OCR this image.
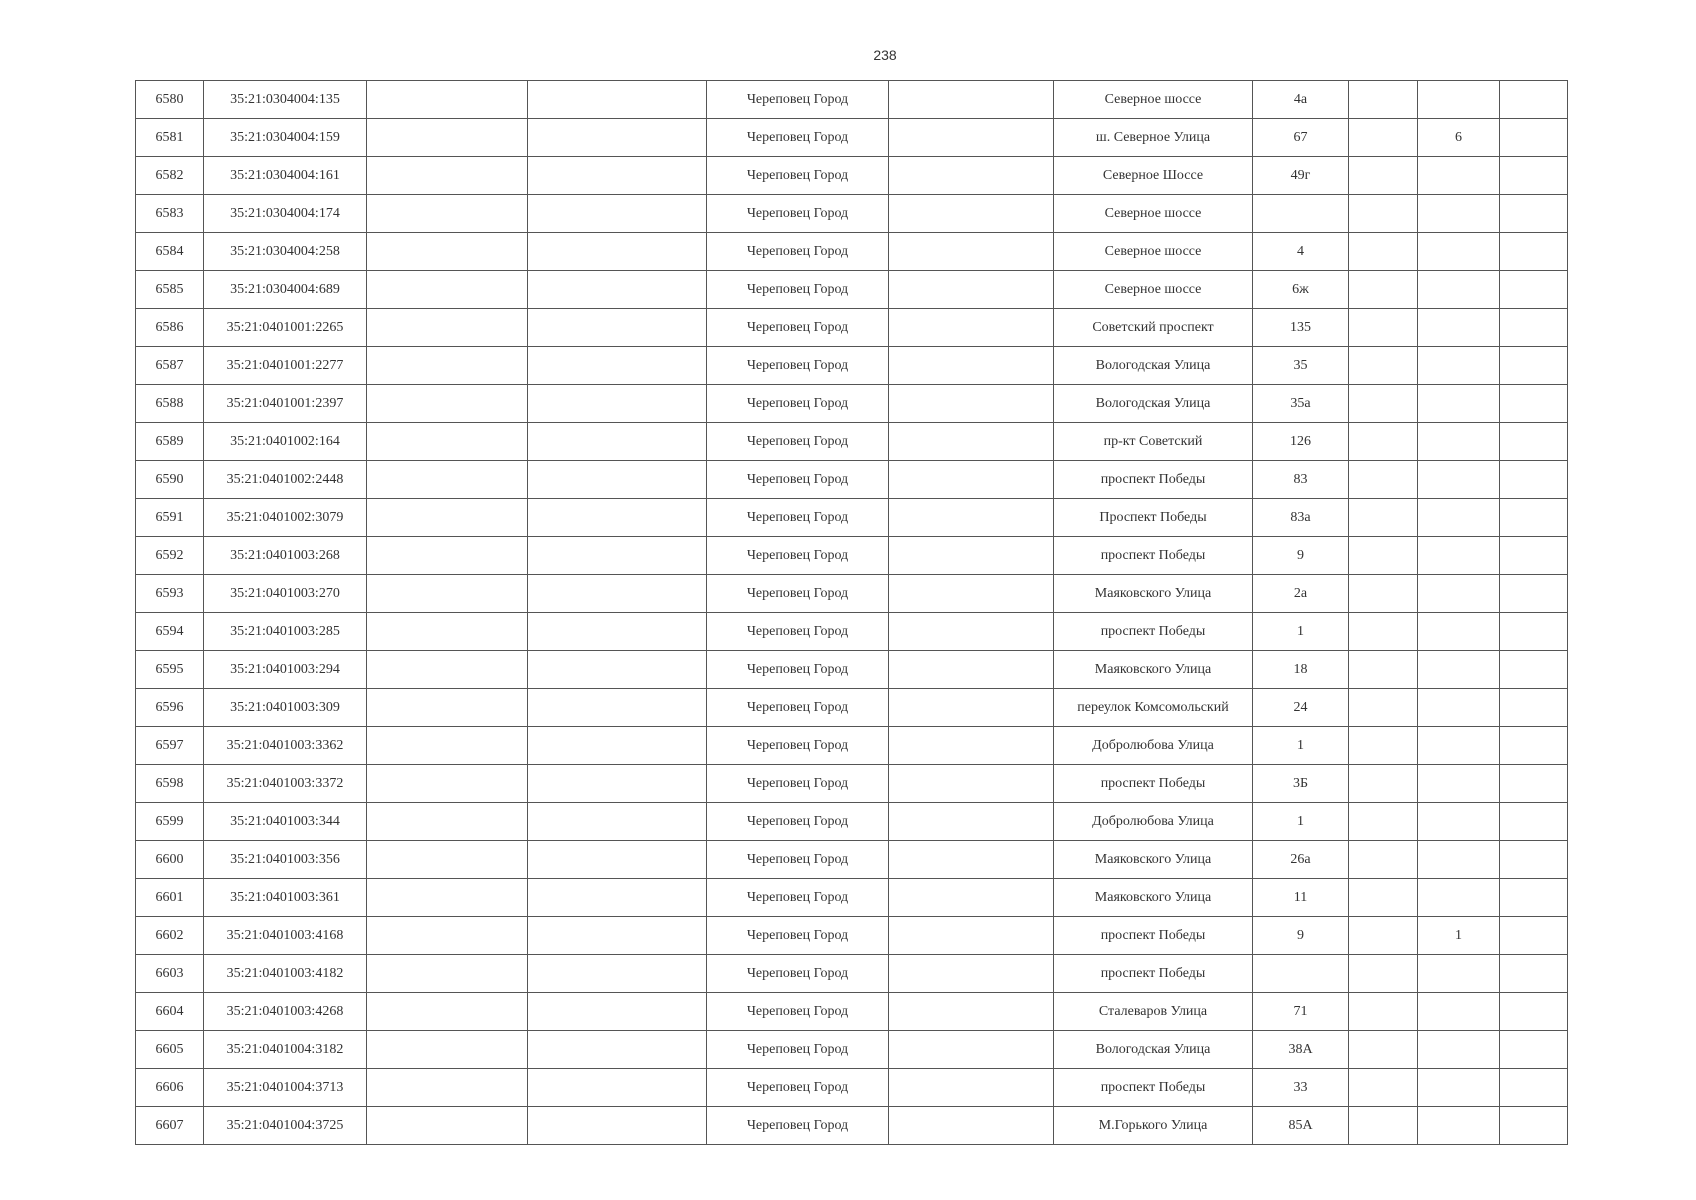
238
6580	35:21:0304004:135			Череповец Город		Северное шоссе	4а			
6581	35:21:0304004:159			Череповец Город		ш. Северное Улица	67		6	
6582	35:21:0304004:161			Череповец Город		Северное Шоссе	49г			
6583	35:21:0304004:174			Череповец Город		Северное шоссе				
6584	35:21:0304004:258			Череповец Город		Северное шоссе	4			
6585	35:21:0304004:689			Череповец Город		Северное шоссе	6ж			
6586	35:21:0401001:2265			Череповец Город		Советский проспект	135			
6587	35:21:0401001:2277			Череповец Город		Вологодская Улица	35			
6588	35:21:0401001:2397			Череповец Город		Вологодская Улица	35а			
6589	35:21:0401002:164			Череповец Город		пр-кт Советский	126			
6590	35:21:0401002:2448			Череповец Город		проспект Победы	83			
6591	35:21:0401002:3079			Череповец Город		Проспект Победы	83а			
6592	35:21:0401003:268			Череповец Город		проспект Победы	9			
6593	35:21:0401003:270			Череповец Город		Маяковского Улица	2а			
6594	35:21:0401003:285			Череповец Город		проспект Победы	1			
6595	35:21:0401003:294			Череповец Город		Маяковского Улица	18			
6596	35:21:0401003:309			Череповец Город		переулок Комсомольский	24			
6597	35:21:0401003:3362			Череповец Город		Добролюбова Улица	1			
6598	35:21:0401003:3372			Череповец Город		проспект Победы	3Б			
6599	35:21:0401003:344			Череповец Город		Добролюбова Улица	1			
6600	35:21:0401003:356			Череповец Город		Маяковского Улица	26а			
6601	35:21:0401003:361			Череповец Город		Маяковского Улица	11			
6602	35:21:0401003:4168			Череповец Город		проспект Победы	9		1	
6603	35:21:0401003:4182			Череповец Город		проспект Победы				
6604	35:21:0401003:4268			Череповец Город		Сталеваров Улица	71			
6605	35:21:0401004:3182			Череповец Город		Вологодская Улица	38А			
6606	35:21:0401004:3713			Череповец Город		проспект Победы	33			
6607	35:21:0401004:3725			Череповец Город		М.Горького Улица	85А			
